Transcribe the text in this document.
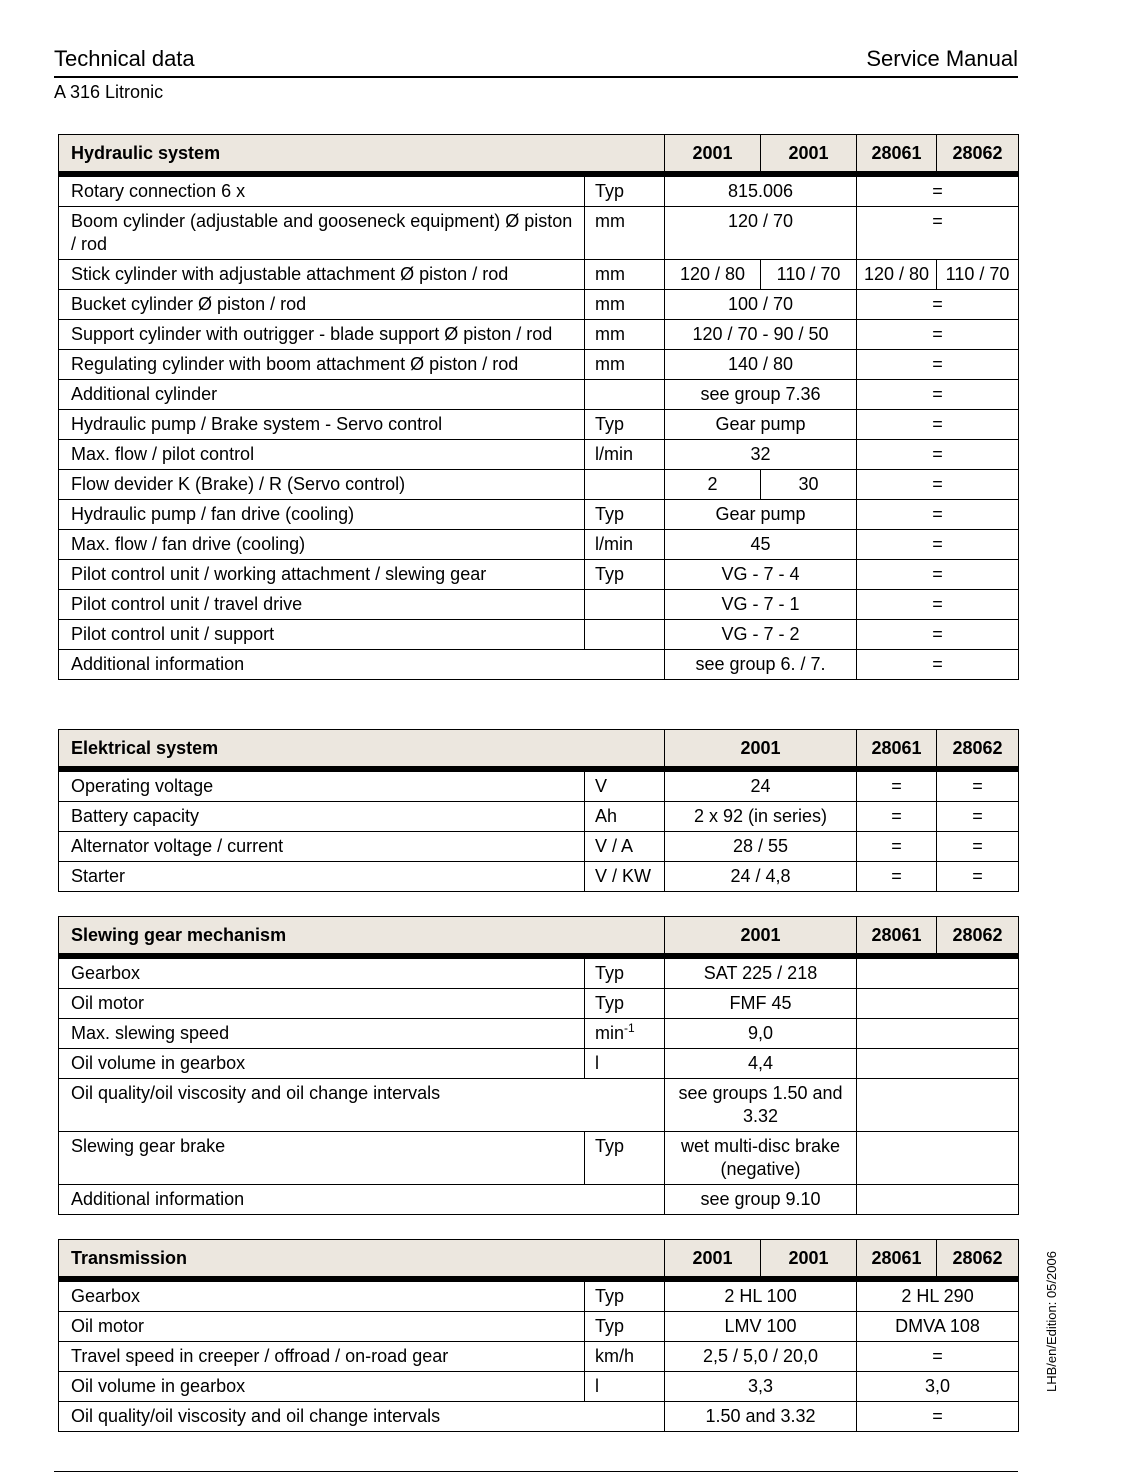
Technical data	Service Manual
A 316 Litronic
LHB/en/Edition: 05/2006
Hydraulic system		2001	2001	28061	28062
Rotary connection 6 x	Typ	815.006		=	
Boom cylinder (adjustable and gooseneck equipment) Ø piston / rod	mm	120 / 70		=	
Stick cylinder with adjustable attachment Ø piston / rod	mm	120 / 80	110 / 70	120 / 80	110 / 70
Bucket cylinder Ø piston / rod	mm	100 / 70		=	
Support cylinder with outrigger - blade support Ø piston / rod	mm	120 / 70 - 90 / 50		=	
Regulating cylinder with boom attachment Ø piston / rod	mm	140 / 80		=	
Additional cylinder		see group 7.36		=	
Hydraulic pump / Brake system - Servo control	Typ	Gear pump		=	
Max. flow / pilot control	l/min	32		=	
Flow devider K (Brake) / R (Servo control)		2	30	=	
Hydraulic pump / fan drive (cooling)	Typ	Gear pump		=	
Max. flow / fan drive (cooling)	l/min	45		=	
Pilot control unit / working attachment / slewing gear	Typ	VG - 7 - 4		=	
Pilot control unit / travel drive		VG - 7 - 1		=	
Pilot control unit / support		VG - 7 - 2		=	
Additional information		see group 6. / 7.		=	
Elektrical system		2001	28061	28062
Operating voltage	V	24	=	=
Battery capacity	Ah	2 x 92 (in series)	=	=
Alternator voltage / current	V / A	28 / 55	=	=
Starter	V / KW	24 / 4,8	=	=
Slewing gear mechanism		2001	28061	28062
Gearbox	Typ	SAT 225 / 218		
Oil motor	Typ	FMF 45		
Max. slewing speed	$\min^{-1}$	9,0		
Oil volume in gearbox	l	4,4		
Oil quality/oil viscosity and oil change intervals		see groups 1.50 and 3.32		
Slewing gear brake	Typ	wet multi-disc brake (negative)		
Additional information		see group 9.10		
Transmission		2001	2001	28061	28062
Gearbox	Typ	2 HL 100		2 HL 290	
Oil motor	Typ	LMV 100		DMVA 108	
Travel speed in creeper / offroad / on-road gear	km/h	2,5 / 5,0 / 20,0		=	
Oil volume in gearbox	l	3,3		3,0	
Oil quality/oil viscosity and oil change intervals		1.50 and 3.32		=	
